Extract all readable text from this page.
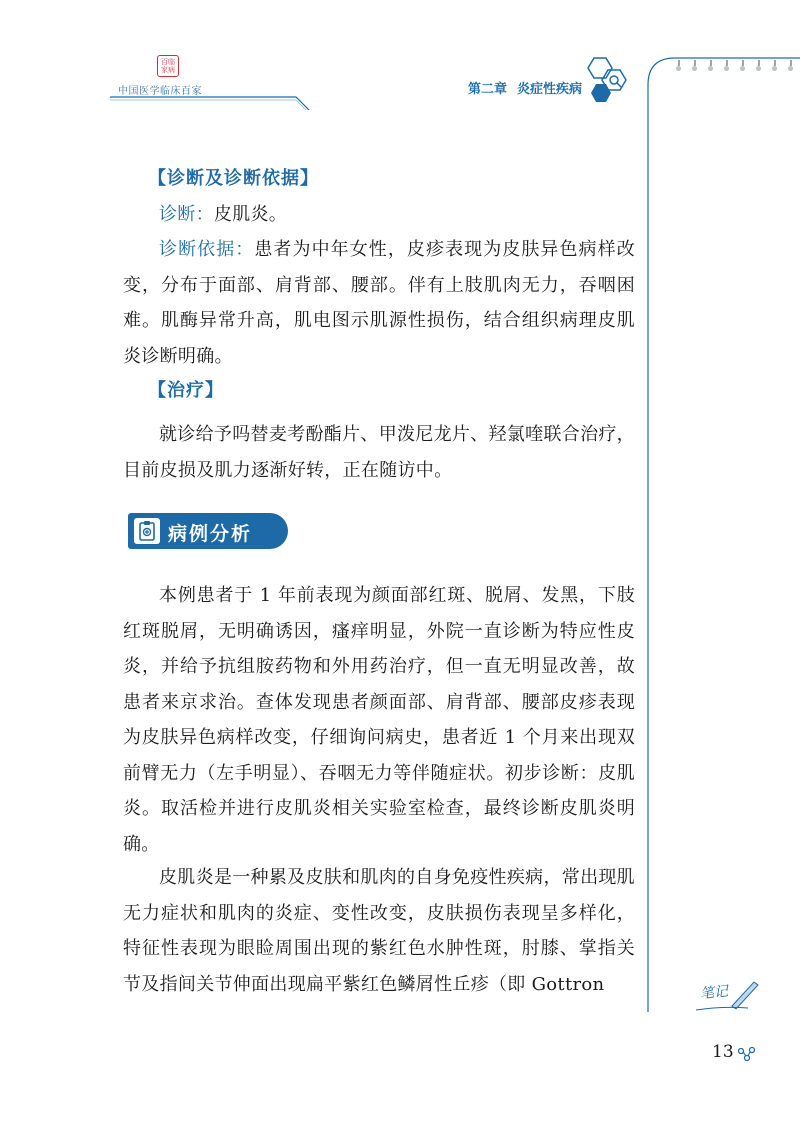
百临家病
中国医学临床百家	第二章 炎症性疾病
【诊断及诊断依据】
诊断：皮肌炎。
诊断依据：患者为中年女性，皮疹表现为皮肤异色病样改变，分布于面部、肩背部、腰部。伴有上肢肌肉无力，吞咽困难。肌酶异常升高，肌电图示肌源性损伤，结合组织病理皮肌炎诊断明确。
【治疗】
就诊给予吗替麦考酚酯片、甲泼尼龙片、羟氯喹联合治疗，目前皮损及肌力逐渐好转，正在随访中。
病例分析
本例患者于 1 年前表现为颜面部红斑、脱屑、发黑，下肢红斑脱屑，无明确诱因，瘙痒明显，外院一直诊断为特应性皮炎，并给予抗组胺药物和外用药治疗，但一直无明显改善，故患者来京求治。查体发现患者颜面部、肩背部、腰部皮疹表现为皮肤异色病样改变，仔细询问病史，患者近 1 个月来出现双前臂无力（左手明显）、吞咽无力等伴随症状。初步诊断：皮肌炎。取活检并进行皮肌炎相关实验室检查，最终诊断皮肌炎明确。
皮肌炎是一种累及皮肤和肌肉的自身免疫性疾病，常出现肌无力症状和肌肉的炎症、变性改变，皮肤损伤表现呈多样化，特征性表现为眼睑周围出现的紫红色水肿性斑，肘膝、掌指关节及指间关节伸面出现扁平紫红色鳞屑性丘疹（即 Gottron	笔记
13
